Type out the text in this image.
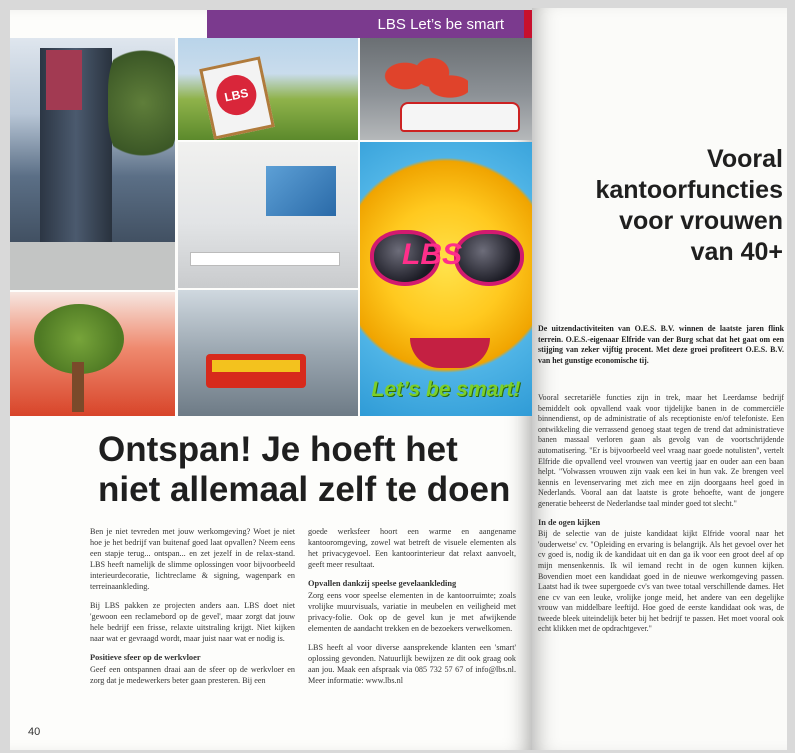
LBS Let’s be smart
LBS
LBS
Let’s be smart!
Ontspan! Je hoeft het niet allemaal zelf te doen

Ben je niet tevreden met jouw werkomgeving? Woet je niet hoe je het bedrijf van buitenaf goed laat opvallen? Neem eens een stapje terug... ontspan... en zet jezelf in de relax-stand. LBS heeft namelijk de slimme oplossingen voor bijvoorbeeld interieurdecoratie, lichtreclame & signing, wagenpark en terreinaankleding.

Bij LBS pakken ze projecten anders aan. LBS doet niet 'gewoon een reclamebord op de gevel', maar zorgt dat jouw hele bedrijf een frisse, relaxte uitstraling krijgt. Niet kijken naar wat er gevraagd wordt, maar juist naar wat er nodig is.

Positieve sfeer op de werkvloer

Geef een ontspannen draai aan de sfeer op de werkvloer en zorg dat je medewerkers beter gaan presteren. Bij een

goede werksfeer hoort een warme en aangename kantooromgeving, zowel wat betreft de visuele elementen als het privacygevoel. Een kantoorinterieur dat relaxt aanvoelt, geeft meer resultaat.

Opvallen dankzij speelse gevelaankleding

Zorg eens voor speelse elementen in de kantoorruimte; zoals vrolijke muurvisuals, variatie in meubelen en veiligheid met privacy-folie. Ook op de gevel kun je met afwijkende elementen de aandacht trekken en de bezoekers verwelkomen.

LBS heeft al voor diverse aansprekende klanten een 'smart' oplossing gevonden. Natuurlijk bewijzen ze dit ook graag ook aan jou. Maak een afspraak via 085 732 57 67 of info@lbs.nl. Meer informatie: www.lbs.nl

40
Vooral
kantoorfuncties
voor vrouwen
van 40+

De uitzendactiviteiten van O.E.S. B.V. winnen de laatste jaren flink terrein. O.E.S.-eigenaar Elfride van der Burg schat dat het gaat om een stijging van zeker vijftig procent. Met deze groei profiteert O.E.S. B.V. van het gunstige economische tij.

Vooral secretariële functies zijn in trek, maar het Leerdamse bedrijf bemiddelt ook opvallend vaak voor tijdelijke banen in de commerciële binnendienst, op de administratie of als receptioniste en/of telefoniste. Een ontwikkeling die verrassend genoeg staat tegen de trend dat administratieve banen massaal verloren gaan als gevolg van de voortschrijdende automatisering. "Er is bijvoorbeeld veel vraag naar goede notulisten", vertelt Elfride die opvallend veel vrouwen van veertig jaar en ouder aan een baan helpt. "Volwassen vrouwen zijn vaak een kei in hun vak. Ze brengen veel kennis en levenservaring met zich mee en zijn doorgaans heel goed in Nederlands. Vooral aan dat laatste is grote behoefte, want de jongere generatie beheerst de Nederlandse taal minder goed tot slecht."

In de ogen kijken

Bij de selectie van de juiste kandidaat kijkt Elfride vooral naar het 'ouderwetse' cv. "Opleiding en ervaring is belangrijk. Als het gevoel over het cv goed is, nodig ik de kandidaat uit en dan ga ik voor een groot deel af op mijn mensenkennis. Ik wil iemand recht in de ogen kunnen kijken. Bovendien moet een kandidaat goed in de nieuwe werkomgeving passen. Laatst had ik twee supergoede cv's van twee totaal verschillende dames. Het ene cv van een leuke, vrolijke jonge meid, het andere van een degelijke vrouw van middelbare leeftijd. Hoe goed de eerste kandidaat ook was, de tweede bleek uiteindelijk beter bij het bedrijf te passen. Het moet vooral ook echt klikken met de opdrachtgever."
